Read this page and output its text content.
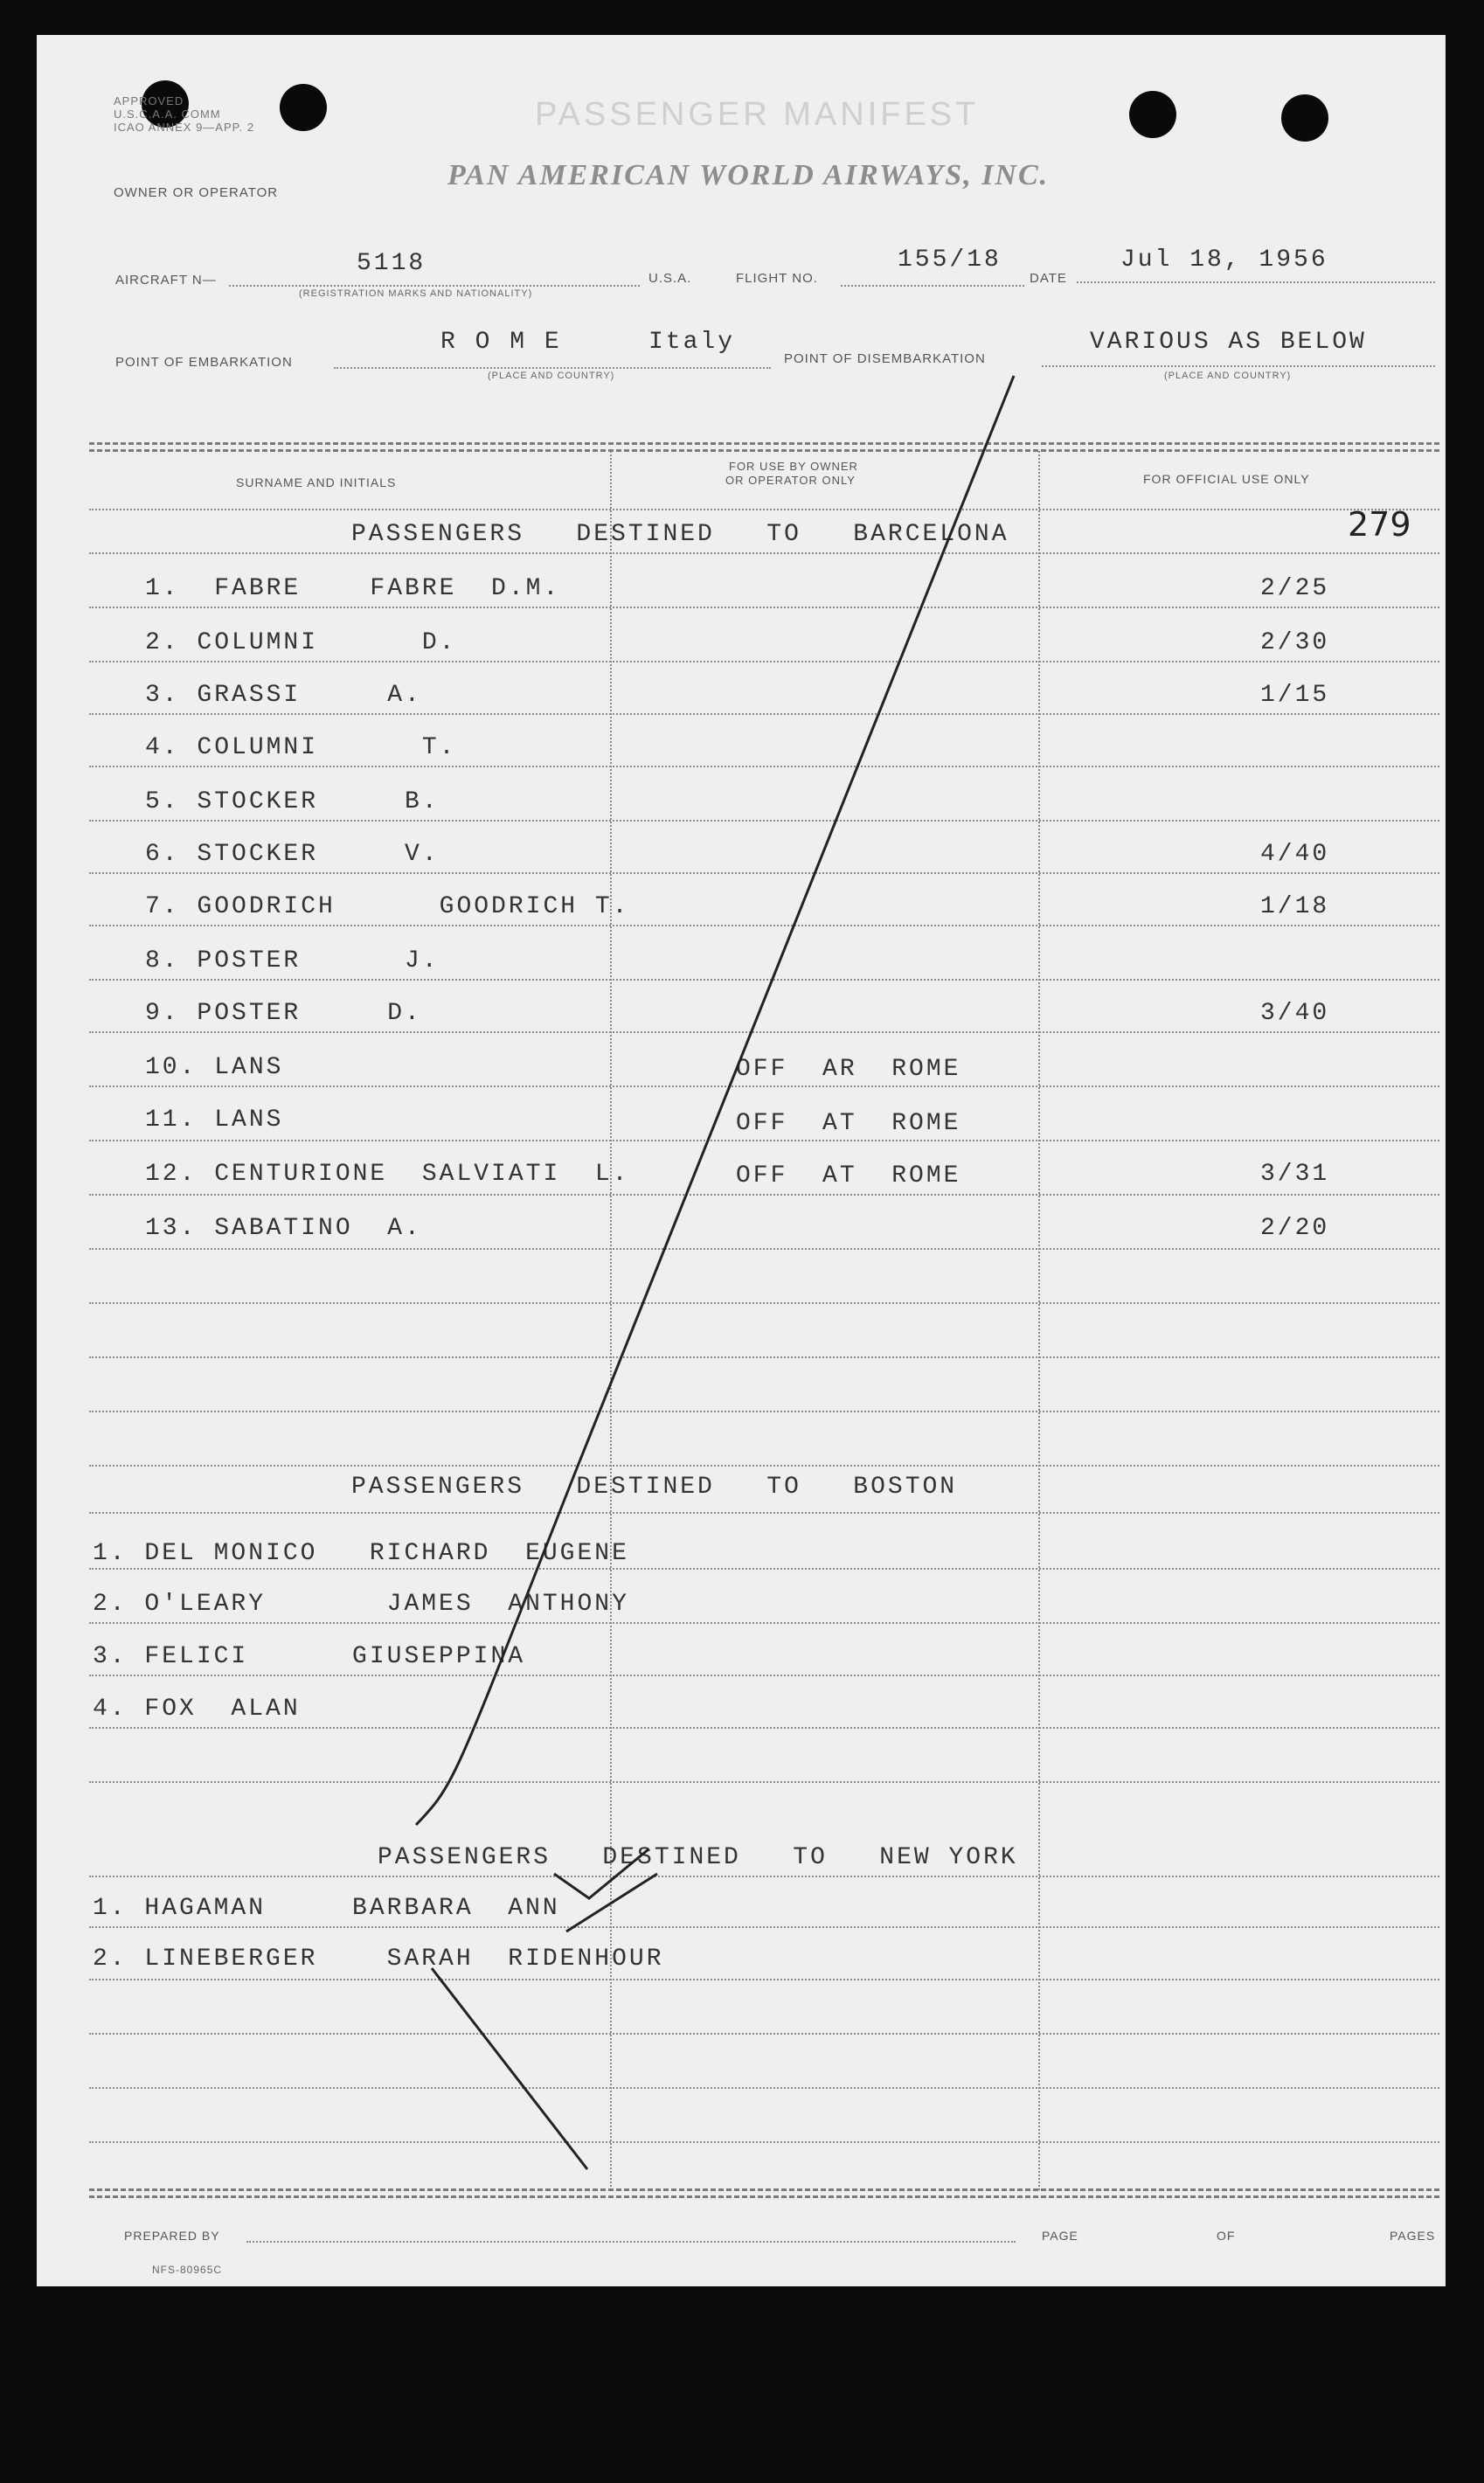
APPROVED
U.S.C.A.A. COMM
ICAO ANNEX 9—APP. 2	PASSENGER MANIFEST
PAN AMERICAN WORLD AIRWAYS, INC.
OWNER OR OPERATOR
AIRCRAFT N—
5118
(REGISTRATION MARKS AND NATIONALITY)
U.S.A.	FLIGHT NO.
155/18
DATE
Jul 18, 1956
POINT OF EMBARKATION
R O M E	Italy
(PLACE AND COUNTRY)
POINT OF DISEMBARKATION
VARIOUS AS BELOW
(PLACE AND COUNTRY)
SURNAME AND INITIALS
FOR USE BY OWNER
OR OPERATOR ONLY	FOR OFFICIAL USE ONLY
279
PASSENGERS   DESTINED   TO   BARCELONA
1.  FABRE    FABRE  D.M.	2/25
2. COLUMNI      D.	2/30
3. GRASSI     A.	1/15
4. COLUMNI      T.
5. STOCKER     B.
6. STOCKER     V.	4/40
7. GOODRICH      GOODRICH T.	1/18
8. POSTER      J.
9. POSTER     D.	3/40
10. LANS	OFF  AR  ROME
11. LANS	OFF  AT  ROME
12. CENTURIONE  SALVIATI  L.	OFF  AT  ROME	3/31
13. SABATINO  A.	2/20
PASSENGERS   DESTINED   TO   BOSTON
1. DEL MONICO   RICHARD  EUGENE
2. O'LEARY       JAMES  ANTHONY
3. FELICI      GIUSEPPINA
4. FOX  ALAN
PASSENGERS   DESTINED   TO   NEW YORK
1. HAGAMAN     BARBARA  ANN
2. LINEBERGER    SARAH  RIDENHOUR
PREPARED BY	PAGE	OF	PAGES
NFS-80965C
